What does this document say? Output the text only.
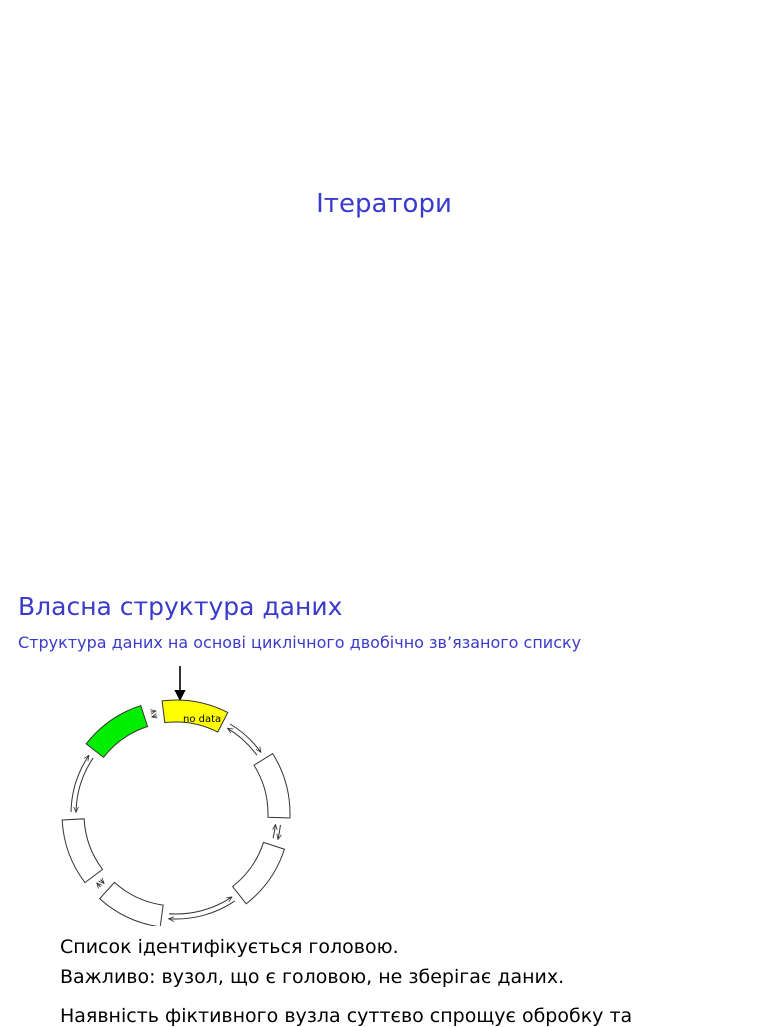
Ітератори
Власна структура даних

Структура даних на основі циклічного двобічно зв’язаного списку

no data

Список ідентифікується головою.

Важливо: вузол, що є головою, не зберігає даних.

Наявність фіктивного вузла суттєво спрощує обробку та
